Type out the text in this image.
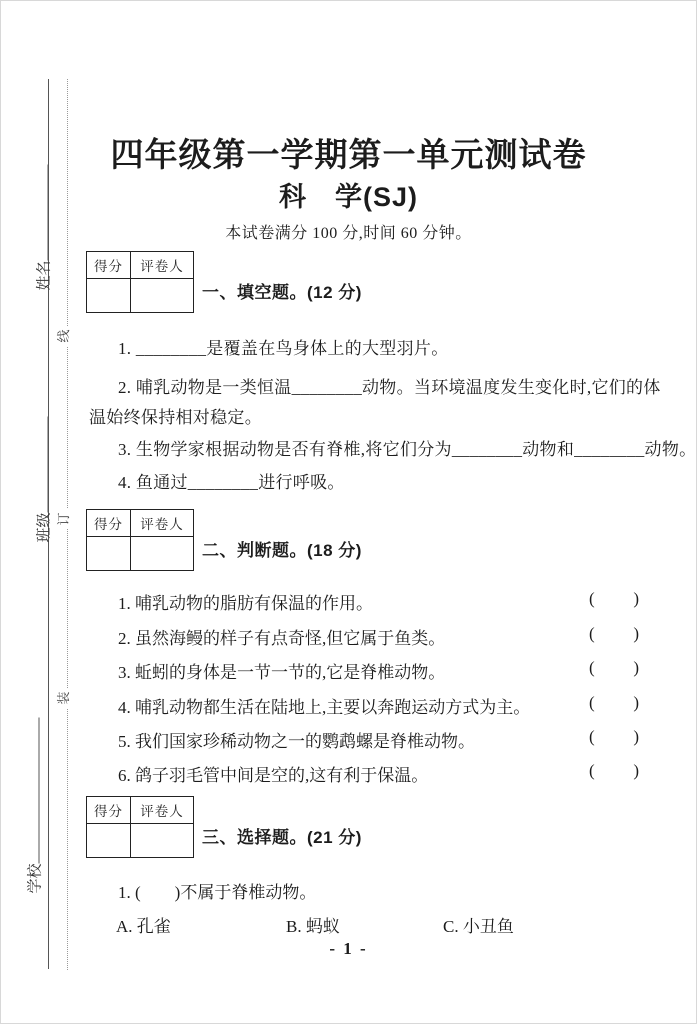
姓名
班级
学校
线
订
装
四年级第一学期第一单元测试卷
科　学(SJ)
本试卷满分 100 分,时间 60 分钟。
得分	评卷人
一、填空题。(12 分)
1. ________是覆盖在鸟身体上的大型羽片。
2. 哺乳动物是一类恒温________动物。当环境温度发生变化时,它们的体
温始终保持相对稳定。
3. 生物学家根据动物是否有脊椎,将它们分为________动物和________动物。
4. 鱼通过________进行呼吸。
得分	评卷人
二、判断题。(18 分)
1. 哺乳动物的脂肪有保温的作用。	( )
2. 虽然海鳗的样子有点奇怪,但它属于鱼类。	( )
3. 蚯蚓的身体是一节一节的,它是脊椎动物。	( )
4. 哺乳动物都生活在陆地上,主要以奔跑运动方式为主。	( )
5. 我们国家珍稀动物之一的鹦鹉螺是脊椎动物。	( )
6. 鸽子羽毛管中间是空的,这有利于保温。	( )
得分	评卷人
三、选择题。(21 分)
1. (　　)不属于脊椎动物。
A. 孔雀	B. 蚂蚁	C. 小丑鱼
- 1 -
